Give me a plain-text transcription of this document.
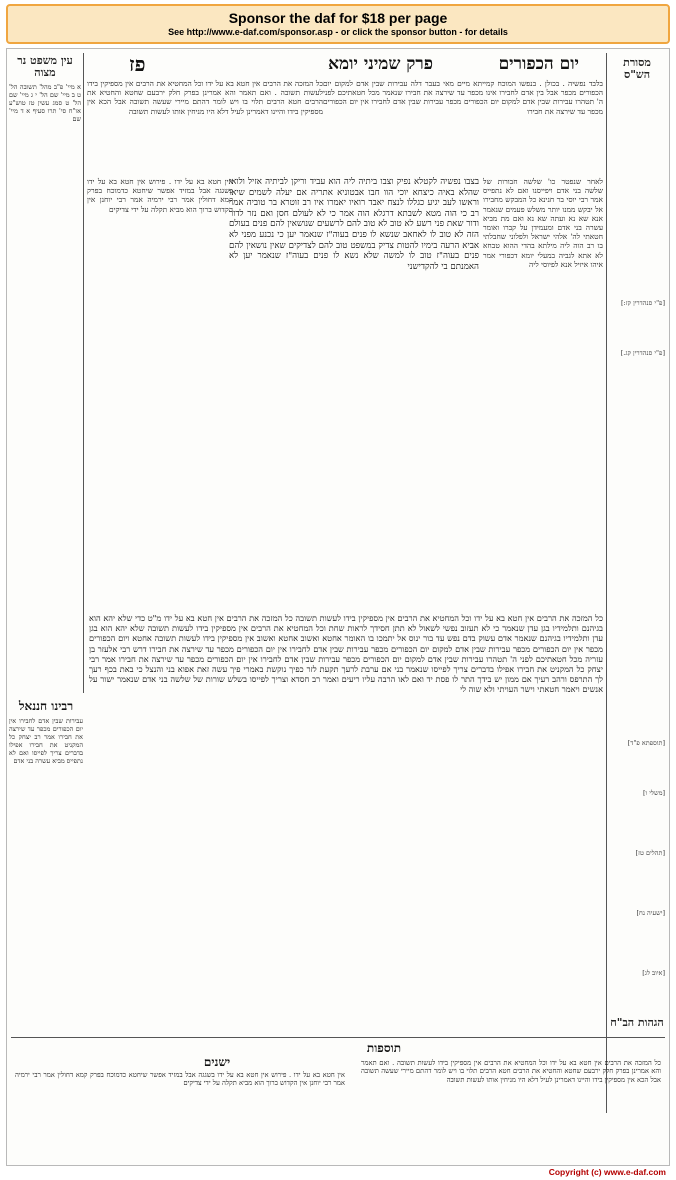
Sponsor the daf for $18 per page
See http://www.e-daf.com/sponsor.asp - or click the sponsor button - for details
יום הכפורים
פרק שמיני יומא
פז	מסורת הש"ס
עין משפט נר מצוה
א מיי' פ"ב מהל' תשובה הל' ט ב מיי' שם הל' י ג מיי' שם הל' ט סמג עשין טז טוש"ע או"ח סי' תרו סעיף א ד מיי' שם
[פ"י סנהדרין קז:]
[פ"י סנהדרין קג.]
[תוספתא פ"ד]
[משלי ו]
[תהלים טז]
[ישעיה נח]
[איוב לג]
הגהות הב"ח
בלבד נפשיה . בכולן . בנפשו המוכח קמייתא מיים מאי בעבר דלה עבירות שבין אדם למקום יום הכפורים מכפר אבל בין אדם לחבירו אינו מכפר עד שירצה את חבירו שנאמר מכל חטאתיכם לפני ה' תטהרו עבירות שבין אדם למקום יום הכפורים מכפר עבירות שבין אדם לחבירו אין יום הכפורים מכפר עד שירצה את חבירו
כל המזכה את הרבים אין חטא בא על ידו וכל המחטיא את הרבים אין מספיקין בידו לעשות תשובה . ואם תאמר והא אמרינן בפרק חלק ירבעם שחטא והחטיא את הרבים חטא הרבים תלוי בו ויש לומר דהתם מיירי שעשה תשובה אבל הכא אין מספיקין בידו והיינו דאמרינן לעיל דלא היו מניחין אותו לעשות תשובה
בצבו נפשיה לקטלא נפיק וצבו ביתיה ליה הוא עביד וריקן לביתיה אזיל ולואי שהלא באיה כיצחא יוכי הוו חבו אבטוניא אתריה אם יעלה לשמים שיאו וראשו לעב יגיע כגללו לנצח יאבד רואיו יאמרו איו רב זוטרא בר טוביה אמר רב כי הוה מטא לשבתא דרגלא הוה אמר כי לא לעולם חסן ואם נזר לדור ודור שאת פני רשע לא טוב לא טוב להם לרשעים שנושאין להם פנים בעולם הזה לא טוב לו לאחאב שנשא לו פנים בעוה"ז שנאמר יען כי נכנע מפני לא אביא הרעה בימיו להטות צדיק במשפט טוב להם לצדיקים שאין נושאין להם פנים בעוה"ז טוב לו למשה שלא נשא לו פנים בעוה"ז שנאמר יען לא האמנתם בי להקדישני
לאחר שנפטר כו' שלשה חבורות של שלשה בני אדם ויפייסנו ואם לא נתפייס אמר רבי יוסי בר חנינא כל המבקש מחבירו אל יבקש ממנו יותר משלש פעמים שנאמר אנא שא נא ועתה שא נא ואם מת מביא עשרה בני אדם ומעמידן על קברו ואומר חטאתי לה' אלהי ישראל ולפלוני שחבלתי בו רב הוה ליה מילתא בהדי ההוא טבחא לא אתא לגביה במעלי יומא דכפורי אמר איהו איזיל אנא לפיוסי ליה
אין חטא בא על ידו . פירוש אין חטא בא על ידו בשגגה אבל במזיד אפשר שיחטא כדמוכח בפרק קמא דחולין אמר רבי ירמיה אמר רבי יוחנן אין הקדוש ברוך הוא מביא תקלה על ידי צדיקים
כל המזכה את הרבים אין חטא בא על ידו וכל המחטיא את הרבים אין מספיקין בידו לעשות תשובה כל המזכה את הרבים אין חטא בא על ידו מ"ט כדי שלא יהא הוא בגיהנם ותלמידיו בגן עדן שנאמר כי לא תעזוב נפשי לשאול לא תתן חסידך לראות שחת וכל המחטיא את הרבים אין מספיקין בידו לעשות תשובה שלא יהא הוא בגן עדן ותלמידיו בגיהנם שנאמר אדם עשוק בדם נפש עד בור ינוס אל יתמכו בו האומר אחטא ואשוב אחטא ואשוב אין מספיקין בידו לעשות תשובה אחטא ויום הכפורים מכפר אין יום הכפורים מכפר עבירות שבין אדם למקום יום הכפורים מכפר עבירות שבין אדם לחבירו אין יום הכפורים מכפר עד שירצה את חבירו דרש רבי אלעזר בן עזריה מכל חטאתיכם לפני ה' תטהרו עבירות שבין אדם למקום יום הכפורים מכפר עבירות שבין אדם לחבירו אין יום הכפורים מכפר עד שירצה את חבירו אמר רבי יצחק כל המקניט את חבירו אפילו בדברים צריך לפייסו שנאמר בני אם ערבת לרעך תקעת לזר כפיך נוקשת באמרי פיך עשה זאת אפוא בני והנצל כי באת בכף רעך לך התרפס ורהב רעיך אם ממון יש בידך התר לו פסת יד ואם לאו הרבה עליו ריעים ואמר רב חסדא וצריך לפייסו בשלש שורות של שלשה בני אדם שנאמר ישור על אנשים ויאמר חטאתי וישר העויתי ולא שוה לי
רבינו חננאל
עבירות שבין אדם לחבירו אין יום הכפורים מכפר עד שירצה את חבירו אמר רב יצחק כל המקניט את חבירו אפילו בדברים צריך לפייסו ואם לא נתפייס מביא עשרה בני אדם
תוספות
ישנים	כל המזכה את הרבים אין חטא בא על ידו וכל המחטיא את הרבים אין מספיקין בידו לעשות תשובה . ואם תאמר והא אמרינן בפרק חלק ירבעם שחטא והחטיא את הרבים חטא הרבים תלוי בו ויש לומר דהתם מיירי שעשה תשובה אבל הכא אין מספיקין בידו והיינו דאמרינן לעיל דלא היו מניחין אותו לעשות תשובה
אין חטא בא על ידו . פירוש אין חטא בא על ידו בשגגה אבל במזיד אפשר שיחטא כדמוכח בפרק קמא דחולין אמר רבי ירמיה אמר רבי יוחנן אין הקדוש ברוך הוא מביא תקלה על ידי צדיקים
Copyright (c) www.e-daf.com
